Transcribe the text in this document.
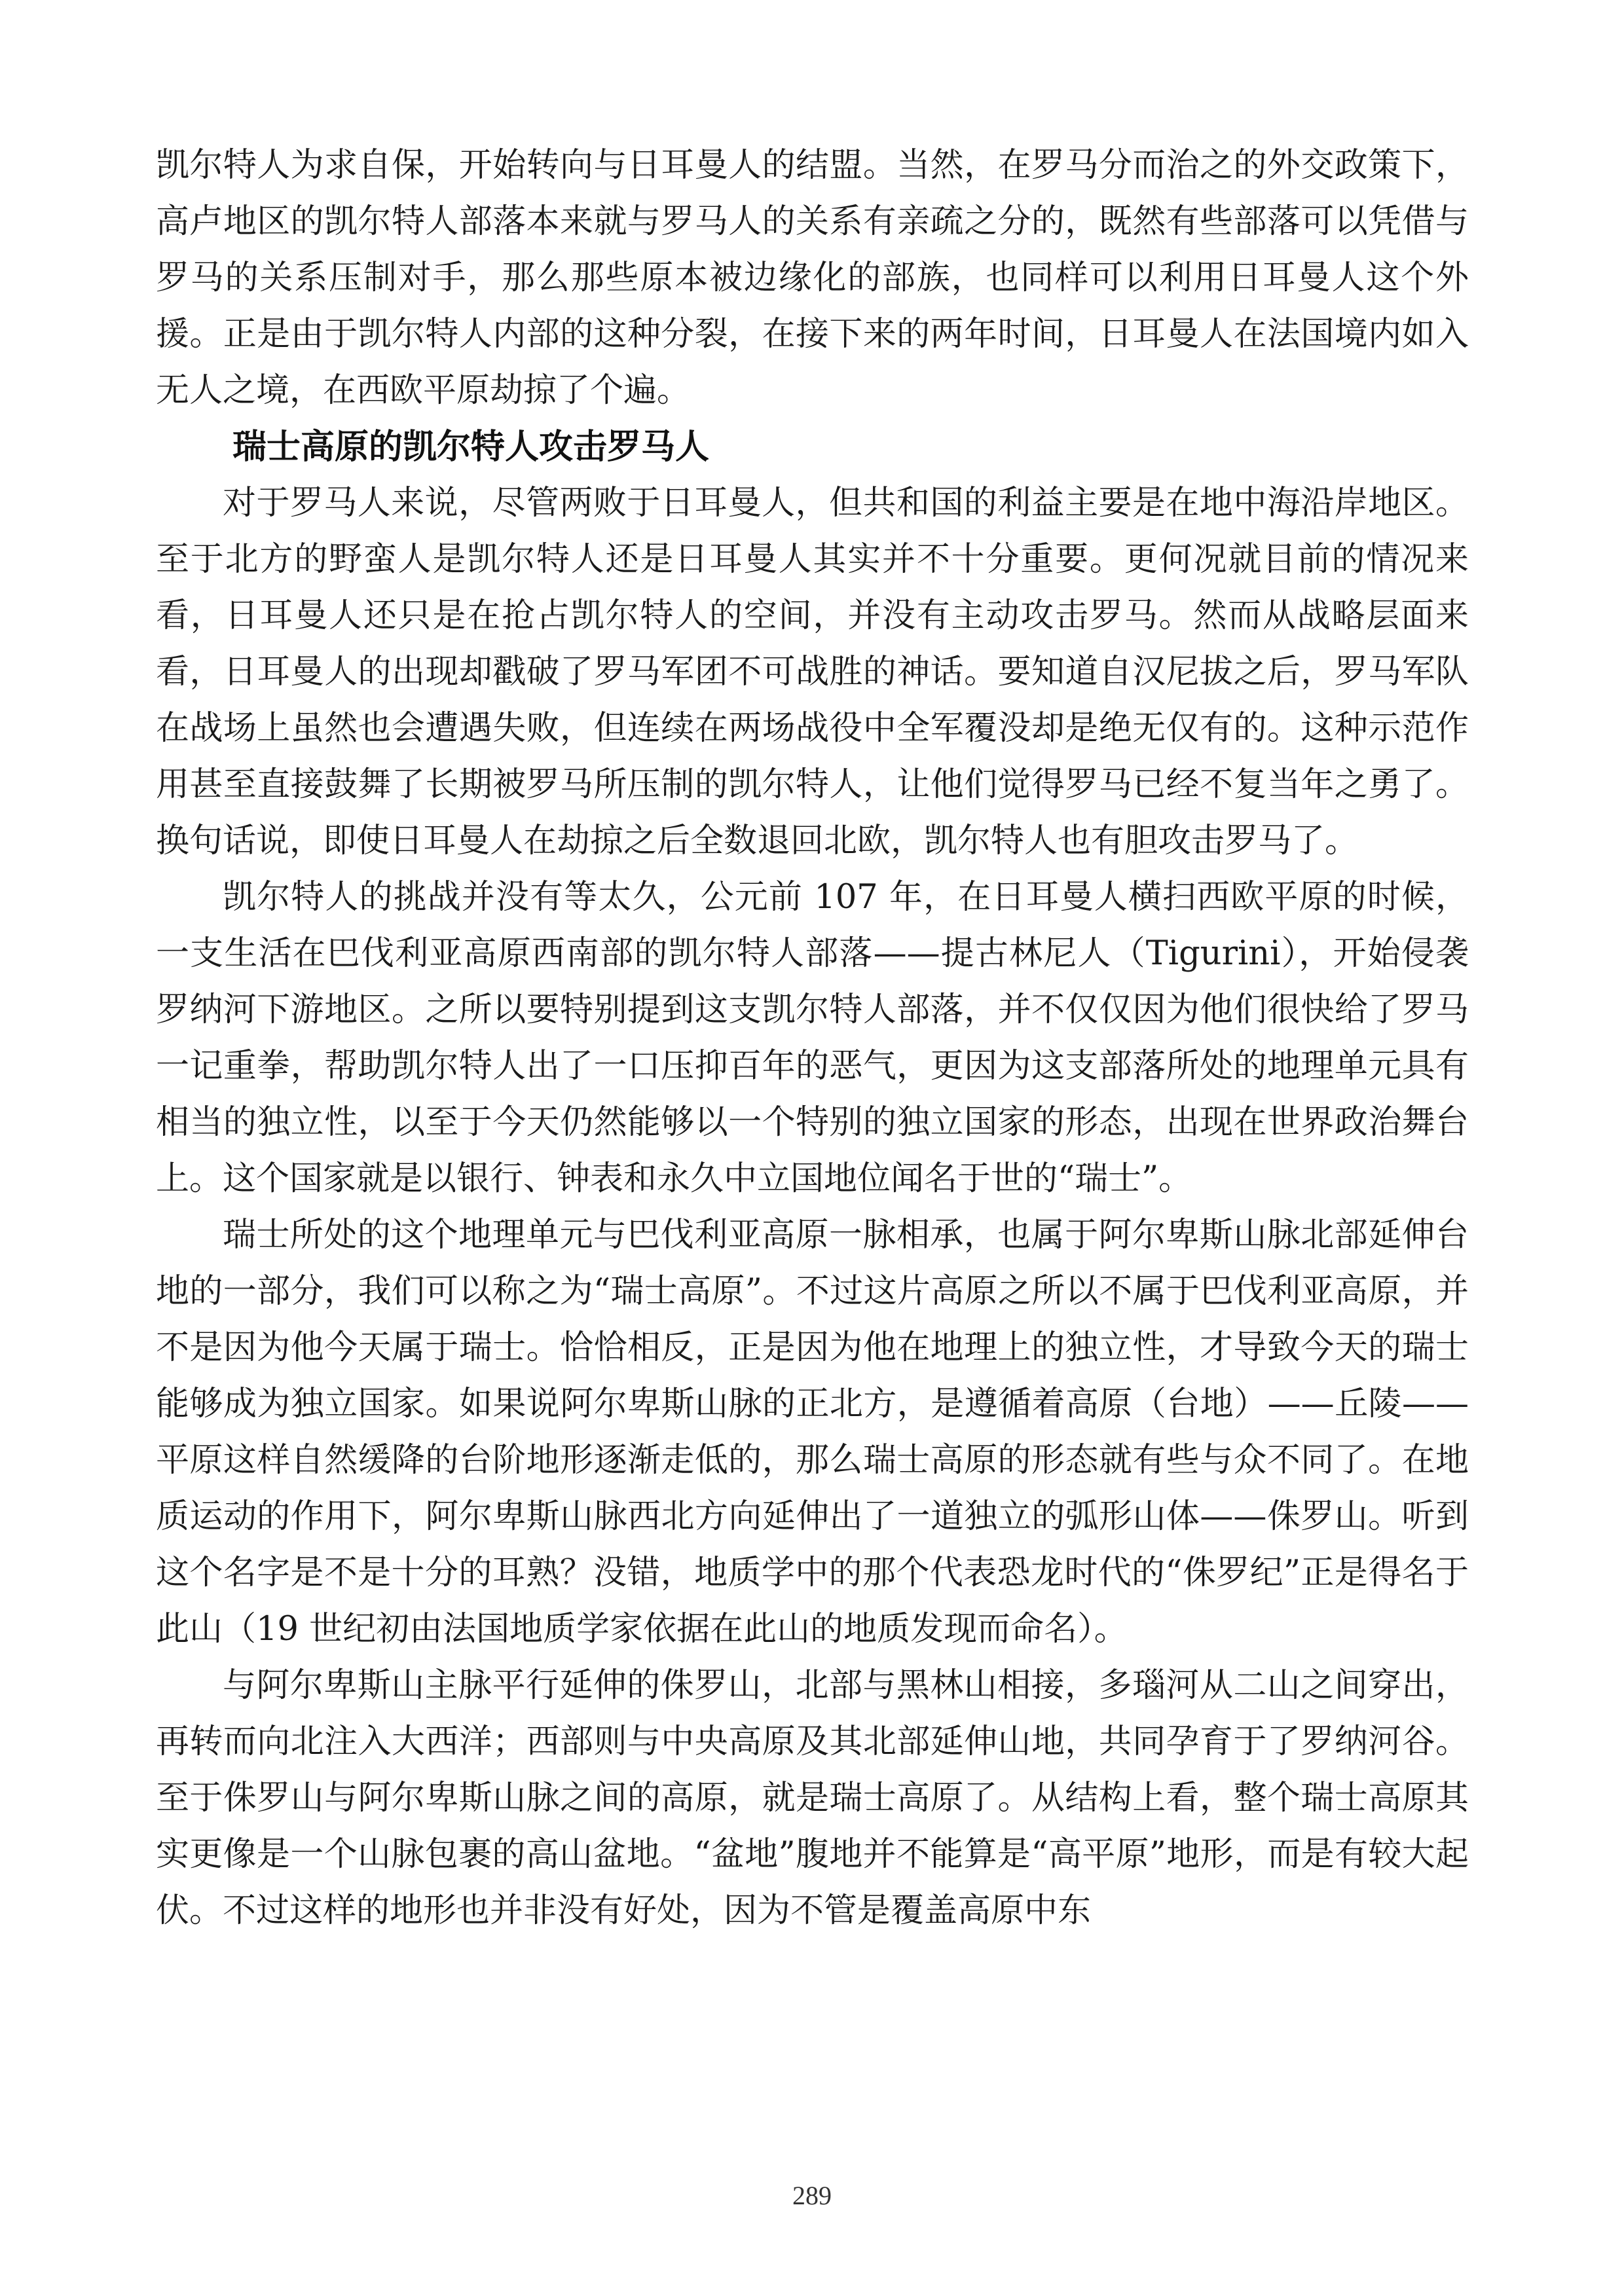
凯尔特人为求自保，开始转向与日耳曼人的结盟。当然，在罗马分而治之的外交政策下，高卢地区的凯尔特人部落本来就与罗马人的关系有亲疏之分的，既然有些部落可以凭借与罗马的关系压制对手，那么那些原本被边缘化的部族，也同样可以利用日耳曼人这个外援。正是由于凯尔特人内部的这种分裂，在接下来的两年时间，日耳曼人在法国境内如入无人之境，在西欧平原劫掠了个遍。

瑞士高原的凯尔特人攻击罗马人

对于罗马人来说，尽管两败于日耳曼人，但共和国的利益主要是在地中海沿岸地区。至于北方的野蛮人是凯尔特人还是日耳曼人其实并不十分重要。更何况就目前的情况来看，日耳曼人还只是在抢占凯尔特人的空间，并没有主动攻击罗马。然而从战略层面来看，日耳曼人的出现却戳破了罗马军团不可战胜的神话。要知道自汉尼拔之后，罗马军队在战场上虽然也会遭遇失败，但连续在两场战役中全军覆没却是绝无仅有的。这种示范作用甚至直接鼓舞了长期被罗马所压制的凯尔特人，让他们觉得罗马已经不复当年之勇了。换句话说，即使日耳曼人在劫掠之后全数退回北欧，凯尔特人也有胆攻击罗马了。

凯尔特人的挑战并没有等太久，公元前 107 年，在日耳曼人横扫西欧平原的时候，一支生活在巴伐利亚高原西南部的凯尔特人部落——提古林尼人（Tigurini），开始侵袭罗纳河下游地区。之所以要特别提到这支凯尔特人部落，并不仅仅因为他们很快给了罗马一记重拳，帮助凯尔特人出了一口压抑百年的恶气，更因为这支部落所处的地理单元具有相当的独立性，以至于今天仍然能够以一个特别的独立国家的形态，出现在世界政治舞台上。这个国家就是以银行、钟表和永久中立国地位闻名于世的“瑞士”。

瑞士所处的这个地理单元与巴伐利亚高原一脉相承，也属于阿尔卑斯山脉北部延伸台地的一部分，我们可以称之为“瑞士高原”。不过这片高原之所以不属于巴伐利亚高原，并不是因为他今天属于瑞士。恰恰相反，正是因为他在地理上的独立性，才导致今天的瑞士能够成为独立国家。如果说阿尔卑斯山脉的正北方，是遵循着高原（台地）——丘陵——平原这样自然缓降的台阶地形逐渐走低的，那么瑞士高原的形态就有些与众不同了。在地质运动的作用下，阿尔卑斯山脉西北方向延伸出了一道独立的弧形山体——侏罗山。听到这个名字是不是十分的耳熟？没错，地质学中的那个代表恐龙时代的“侏罗纪”正是得名于此山（19 世纪初由法国地质学家依据在此山的地质发现而命名）。

与阿尔卑斯山主脉平行延伸的侏罗山，北部与黑林山相接，多瑙河从二山之间穿出，再转而向北注入大西洋；西部则与中央高原及其北部延伸山地，共同孕育于了罗纳河谷。至于侏罗山与阿尔卑斯山脉之间的高原，就是瑞士高原了。从结构上看，整个瑞士高原其实更像是一个山脉包裹的高山盆地。“盆地”腹地并不能算是“高平原”地形，而是有较大起伏。不过这样的地形也并非没有好处，因为不管是覆盖高原中东

289
